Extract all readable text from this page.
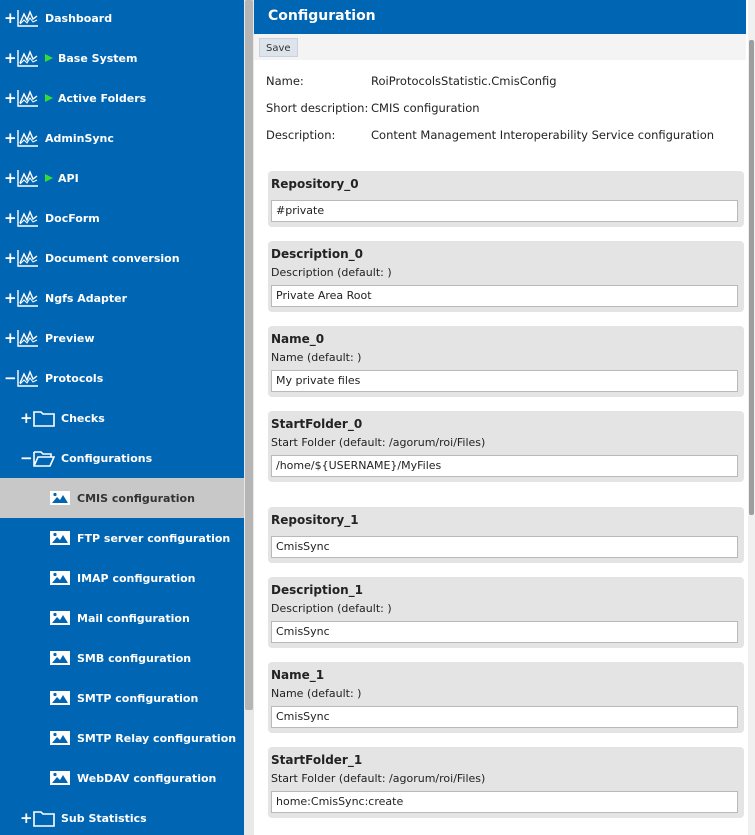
+	Dashboard
+	Base System
+	Active Folders
+	AdminSync
+	API
+	DocForm
+	Document conversion
+	Ngfs Adapter
+	Preview
−	Protocols
+	Checks
−	Configurations
CMIS configuration
FTP server configuration
IMAP configuration
Mail configuration
SMB configuration
SMTP configuration
SMTP Relay configuration
WebDAV configuration
+	Sub Statistics
Configuration
Save
Name:	RoiProtocolsStatistic.CmisConfig
Short description: CMIS configuration
Description:	Content Management Interoperability Service configuration
Repository_0
#private
Description_0
Description (default: )
Private Area Root
Name_0
Name (default: )
My private files
StartFolder_0
Start Folder (default: /agorum/roi/Files)
/home/${USERNAME}/MyFiles
Repository_1
CmisSync
Description_1
Description (default: )
CmisSync
Name_1
Name (default: )
CmisSync
StartFolder_1
Start Folder (default: /agorum/roi/Files)
home:CmisSync:create
